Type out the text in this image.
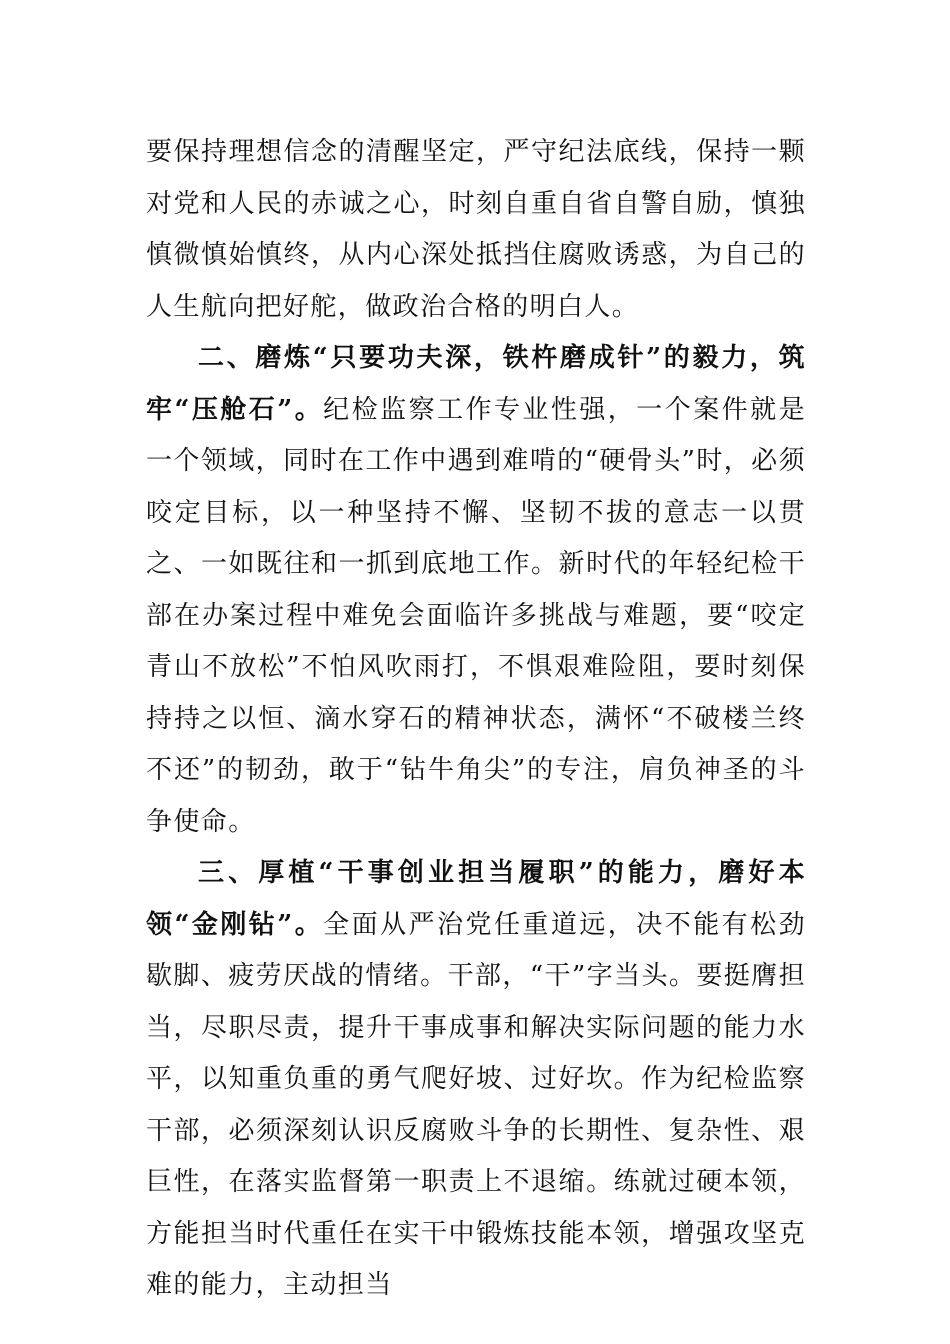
要保持理想信念的清醒坚定，严守纪法底线，保持一颗对党和人民的赤诚之心，时刻自重自省自警自励，慎独慎微慎始慎终，从内心深处抵挡住腐败诱惑，为自己的人生航向把好舵，做政治合格的明白人。

二、磨炼“只要功夫深，铁杵磨成针”的毅力，筑牢“压舱石”。纪检监察工作专业性强，一个案件就是一个领域，同时在工作中遇到难啃的“硬骨头”时，必须咬定目标，以一种坚持不懈、坚韧不拔的意志一以贯之、一如既往和一抓到底地工作。新时代的年轻纪检干部在办案过程中难免会面临许多挑战与难题，要“咬定青山不放松”不怕风吹雨打，不惧艰难险阻，要时刻保持持之以恒、滴水穿石的精神状态，满怀“不破楼兰终不还”的韧劲，敢于“钻牛角尖”的专注，肩负神圣的斗争使命。

三、厚植“干事创业担当履职”的能力，磨好本领“金刚钻”。全面从严治党任重道远，决不能有松劲歇脚、疲劳厌战的情绪。干部，“干”字当头。要挺膺担当，尽职尽责，提升干事成事和解决实际问题的能力水平，以知重负重的勇气爬好坡、过好坎。作为纪检监察干部，必须深刻认识反腐败斗争的长期性、复杂性、艰巨性，在落实监督第一职责上不退缩。练就过硬本领，方能担当时代重任在实干中锻炼技能本领，增强攻坚克难的能力，主动担当
